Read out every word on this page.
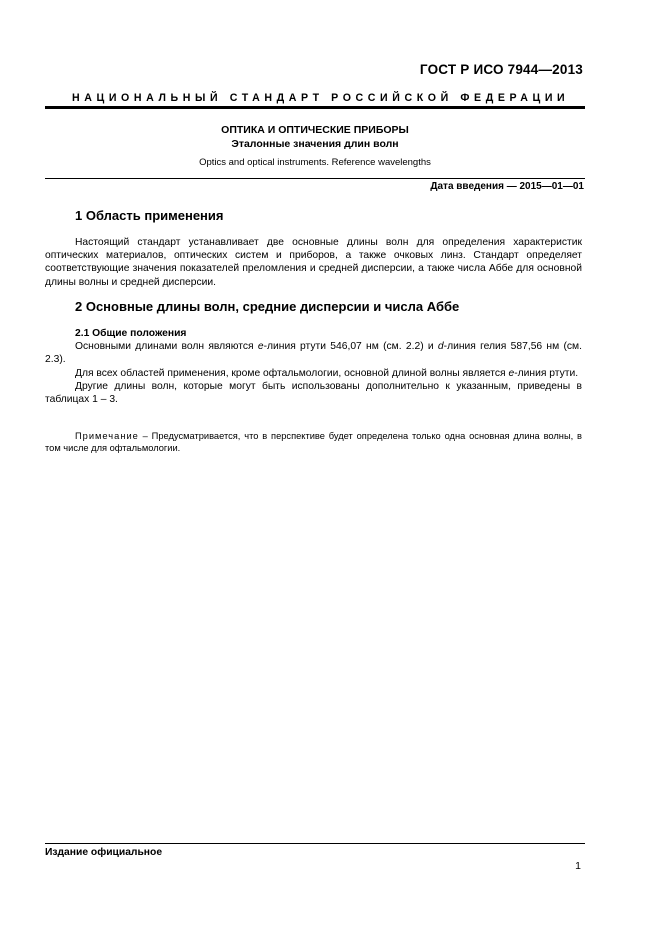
ГОСТ Р ИСО 7944—2013
НАЦИОНАЛЬНЫЙ СТАНДАРТ РОССИЙСКОЙ ФЕДЕРАЦИИ
ОПТИКА И ОПТИЧЕСКИЕ ПРИБОРЫ
Эталонные значения длин волн
Optics and optical instruments. Reference wavelengths
Дата введения — 2015—01—01
1 Область применения
Настоящий стандарт устанавливает две основные длины волн для определения характеристик оптических материалов, оптических систем и приборов, а также очковых линз. Стандарт определяет соответствующие значения показателей преломления и средней дисперсии, а также числа Аббе для основной длины волны и средней дисперсии.
2 Основные длины волн, средние дисперсии и числа Аббе
2.1 Общие положения
Основными длинами волн являются e-линия ртути 546,07 нм (см. 2.2) и d-линия гелия 587,56 нм (см. 2.3).
Для всех областей применения, кроме офтальмологии, основной длиной волны является e-линия ртути.
Другие длины волн, которые могут быть использованы дополнительно к указанным, приведены в таблицах 1 – 3.
Примечание – Предусматривается, что в перспективе будет определена только одна основная длина волны, в том числе для офтальмологии.
Издание официальное
1
